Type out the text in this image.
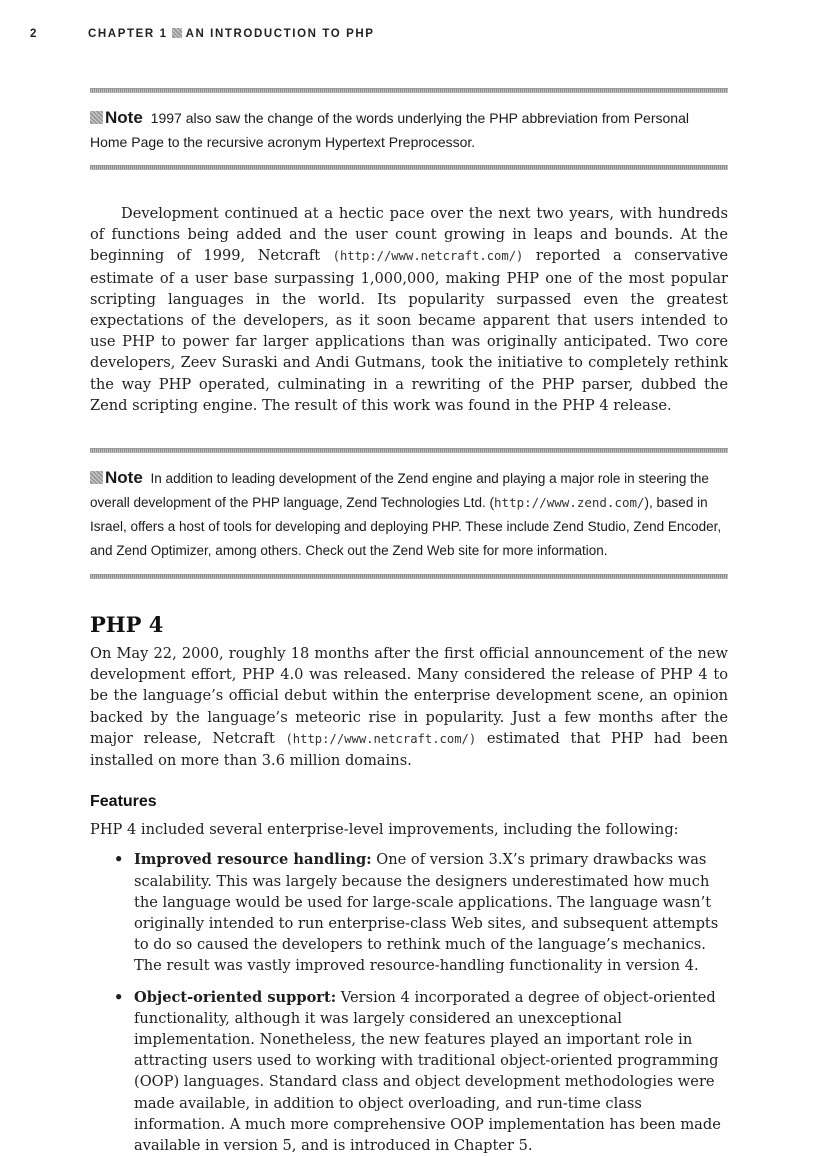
2	CHAPTER 1 AN INTRODUCTION TO PHP
Note 1997 also saw the change of the words underlying the PHP abbreviation from Personal Home Page to the recursive acronym Hypertext Preprocessor.

Development continued at a hectic pace over the next two years, with hundreds of functions being added and the user count growing in leaps and bounds. At the beginning of 1999, Netcraft (http://www.netcraft.com/) reported a conservative estimate of a user base surpassing 1,000,000, making PHP one of the most popular scripting languages in the world. Its popularity surpassed even the greatest expectations of the developers, as it soon became apparent that users intended to use PHP to power far larger applications than was originally anticipated. Two core developers, Zeev Suraski and Andi Gutmans, took the initiative to completely rethink the way PHP operated, culminating in a rewriting of the PHP parser, dubbed the Zend scripting engine. The result of this work was found in the PHP 4 release.

Note In addition to leading development of the Zend engine and playing a major role in steering the overall development of the PHP language, Zend Technologies Ltd. (http://www.zend.com/), based in Israel, offers a host of tools for developing and deploying PHP. These include Zend Studio, Zend Encoder, and Zend Optimizer, among others. Check out the Zend Web site for more information.
PHP 4

On May 22, 2000, roughly 18 months after the first official announcement of the new development effort, PHP 4.0 was released. Many considered the release of PHP 4 to be the language’s official debut within the enterprise development scene, an opinion backed by the language’s meteoric rise in popularity. Just a few months after the major release, Netcraft (http://www.netcraft.com/) estimated that PHP had been installed on more than 3.6 million domains.

Features

PHP 4 included several enterprise-level improvements, including the following:

• Improved resource handling: One of version 3.X’s primary drawbacks was scalability. This was largely because the designers underestimated how much the language would be used for large-scale applications. The language wasn’t originally intended to run enterprise-class Web sites, and subsequent attempts to do so caused the developers to rethink much of the language’s mechanics. The result was vastly improved resource-handling functionality in version 4.
• Object-oriented support: Version 4 incorporated a degree of object-oriented functionality, although it was largely considered an unexceptional implementation. Nonetheless, the new features played an important role in attracting users used to working with traditional object-oriented programming (OOP) languages. Standard class and object development methodologies were made available, in addition to object overloading, and run-time class information. A much more comprehensive OOP implementation has been made available in version 5, and is introduced in Chapter 5.
